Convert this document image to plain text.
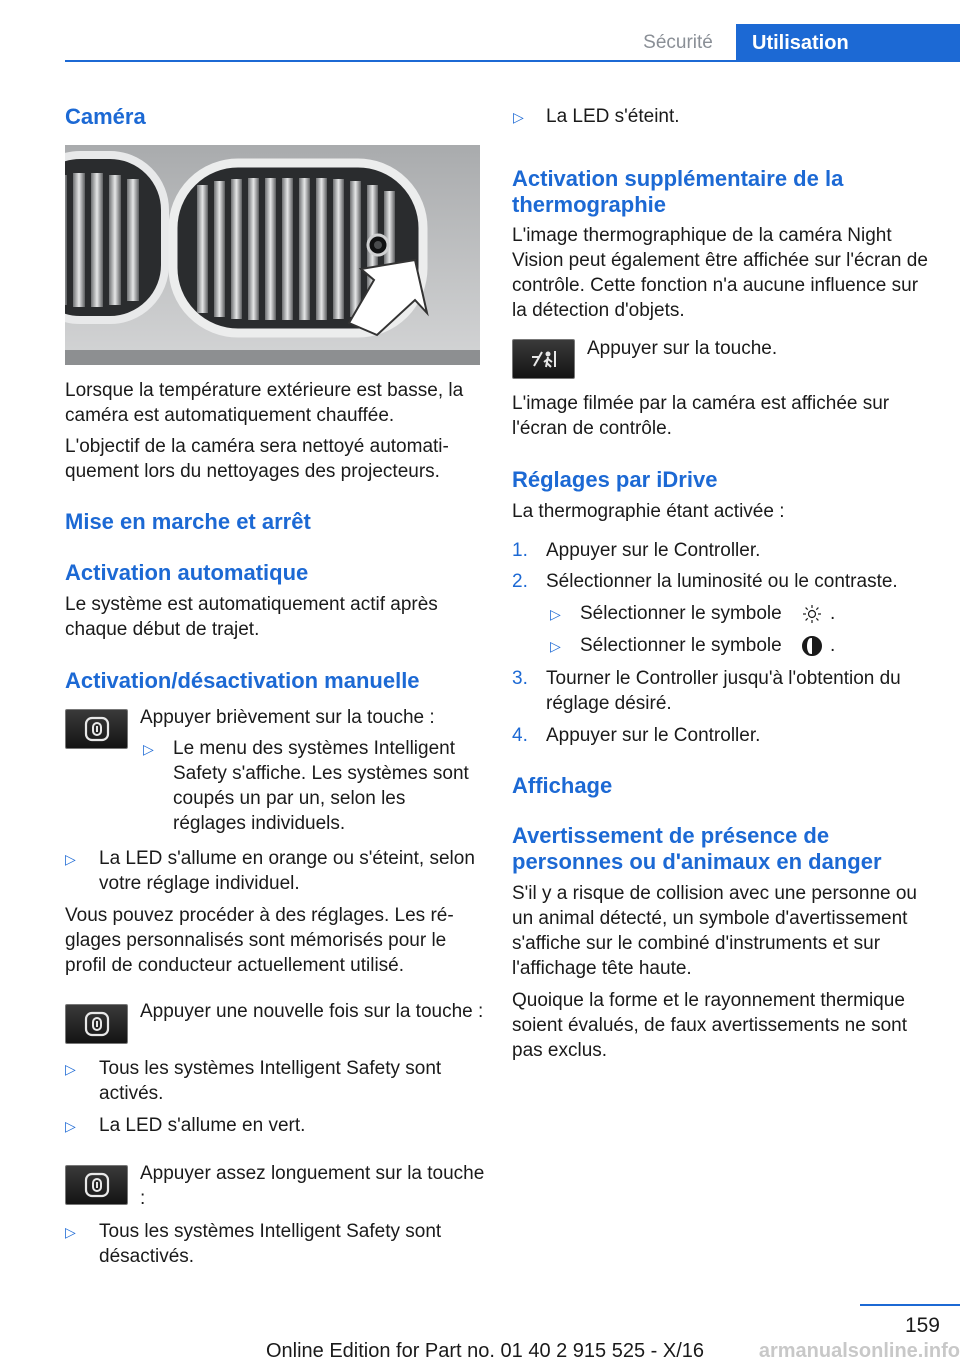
Sécurité	Utilisation
Caméra
Lorsque la température extérieure est basse, la caméra est automatiquement chauffée.
L'objectif de la caméra sera nettoyé automatiquement lors du nettoyages des projecteurs.
Mise en marche et arrêt
Activation automatique
Le système est automatiquement actif après chaque début de trajet.
Activation/désactivation manuelle
Appuyer brièvement sur la touche :
▷ Le menu des systèmes Intelligent Safety s'affiche. Les systèmes sont coupés un par un, selon les réglages individuels.
▷ La LED s'allume en orange ou s'éteint, selon votre réglage individuel.
Vous pouvez procéder à des réglages. Les réglages personnalisés sont mémorisés pour le profil de conducteur actuellement utilisé.
Appuyer une nouvelle fois sur la touche :
▷ Tous les systèmes Intelligent Safety sont activés.
▷ La LED s'allume en vert.
Appuyer assez longuement sur la touche :
▷ Tous les systèmes Intelligent Safety sont désactivés.
▷ La LED s'éteint.
Activation supplémentaire de la thermographie
L'image thermographique de la caméra Night Vision peut également être affichée sur l'écran de contrôle. Cette fonction n'a aucune influence sur la détection d'objets.
Appuyer sur la touche.
L'image filmée par la caméra est affichée sur l'écran de contrôle.
Réglages par iDrive
La thermographie étant activée :
1. Appuyer sur le Controller.
2. Sélectionner la luminosité ou le contraste.
▷ Sélectionner le symbole	.
▷ Sélectionner le symbole	.
3. Tourner le Controller jusqu'à l'obtention du réglage désiré.
4. Appuyer sur le Controller.
Affichage
Avertissement de présence de personnes ou d'animaux en danger
S'il y a risque de collision avec une personne ou un animal détecté, un symbole d'avertissement s'affiche sur le combiné d'instruments et sur l'affichage tête haute.
Quoique la forme et le rayonnement thermique soient évalués, de faux avertissements ne sont pas exclus.
159
armanualsonline.info
Online Edition for Part no. 01 40 2 915 525 - X/16
